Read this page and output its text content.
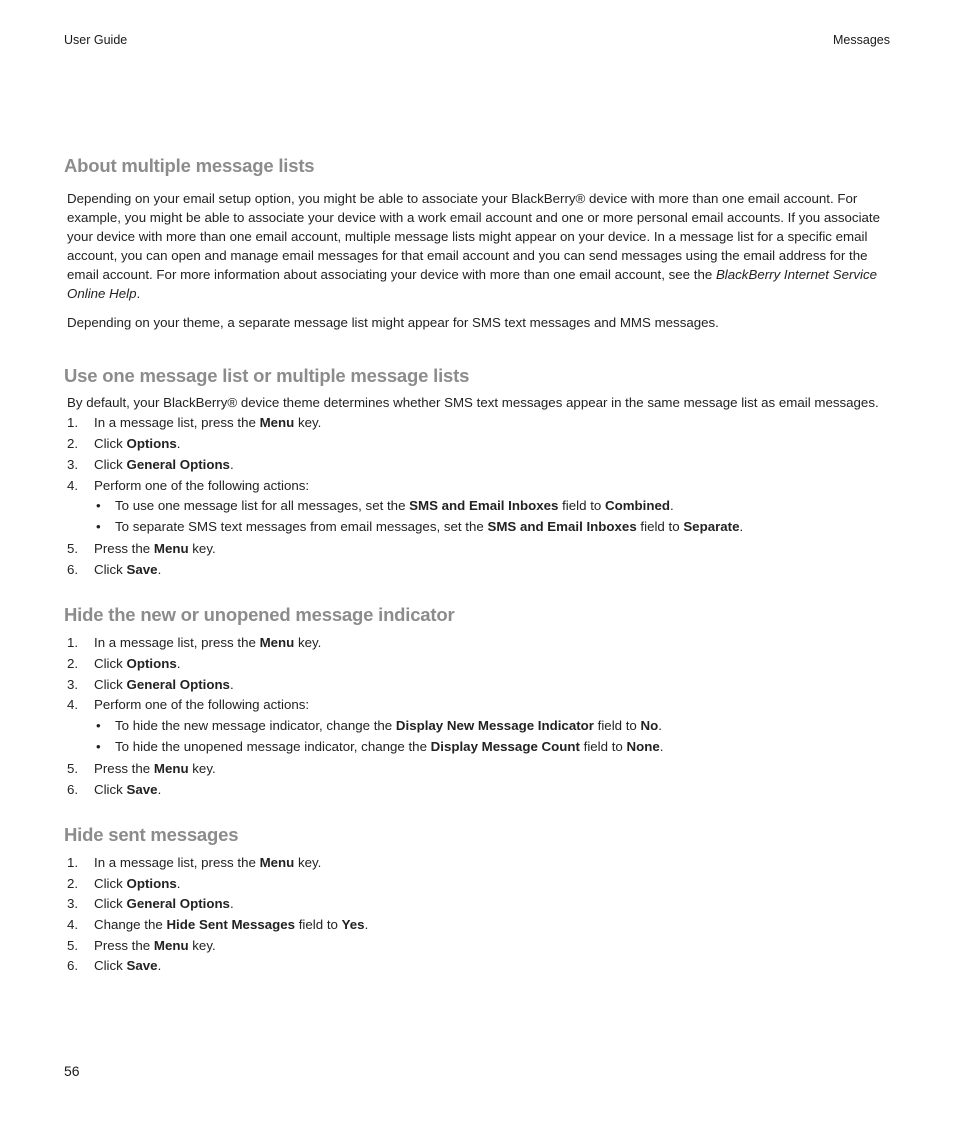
User Guide	Messages
About multiple message lists

Depending on your email setup option, you might be able to associate your BlackBerry® device with more than one email account. For example, you might be able to associate your device with a work email account and one or more personal email accounts. If you associate your device with more than one email account, multiple message lists might appear on your device. In a message list for a specific email account, you can open and manage email messages for that email account and you can send messages using the email address for the email account. For more information about associating your device with more than one email account, see the BlackBerry Internet Service Online Help.

Depending on your theme, a separate message list might appear for SMS text messages and MMS messages.

Use one message list or multiple message lists

By default, your BlackBerry® device theme determines whether SMS text messages appear in the same message list as email messages.

1. In a message list, press the Menu key.

2. Click Options.

3. Click General Options.

4. Perform one of the following actions:

• To use one message list for all messages, set the SMS and Email Inboxes field to Combined.

• To separate SMS text messages from email messages, set the SMS and Email Inboxes field to Separate.

5. Press the Menu key.

6. Click Save.

Hide the new or unopened message indicator

1. In a message list, press the Menu key.

2. Click Options.

3. Click General Options.

4. Perform one of the following actions:

• To hide the new message indicator, change the Display New Message Indicator field to No.

• To hide the unopened message indicator, change the Display Message Count field to None.

5. Press the Menu key.

6. Click Save.

Hide sent messages

1. In a message list, press the Menu key.

2. Click Options.

3. Click General Options.

4. Change the Hide Sent Messages field to Yes.

5. Press the Menu key.

6. Click Save.

56
